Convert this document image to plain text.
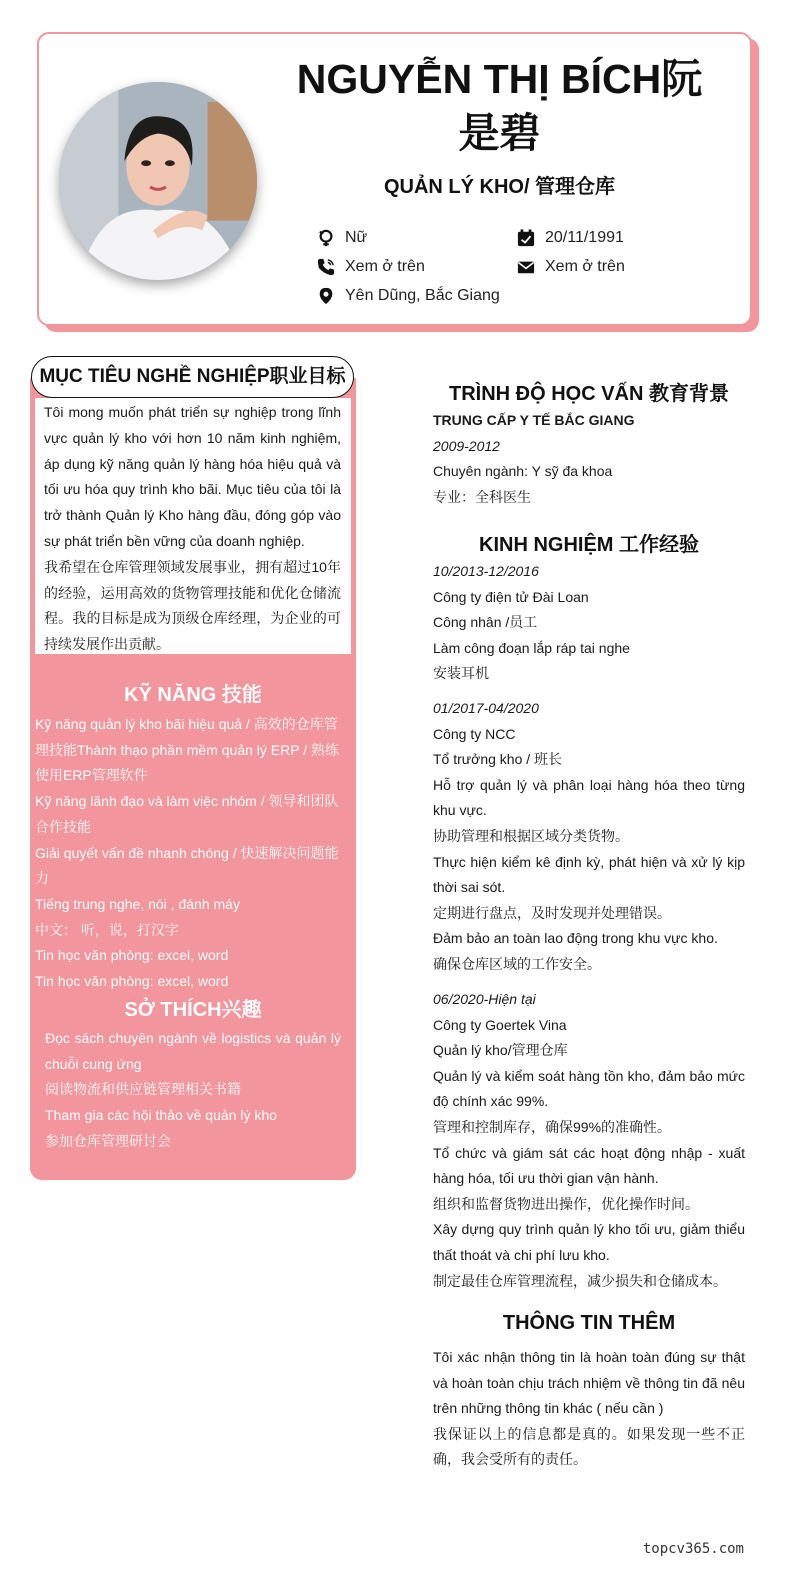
NGUYỄN THỊ BÍCH阮是碧
QUẢN LÝ KHO/ 管理仓库
Nữ	20/11/1991
Xem ở trên	Xem ở trên
Yên Dũng, Bắc Giang
MỤC TIÊU NGHỀ NGHIỆP职业目标

Tôi mong muốn phát triển sự nghiệp trong lĩnh vực quản lý kho với hơn 10 năm kinh nghiệm, áp dụng kỹ năng quản lý hàng hóa hiệu quả và tối ưu hóa quy trình kho bãi. Mục tiêu của tôi là trở thành Quản lý Kho hàng đầu, đóng góp vào sự phát triển bền vững của doanh nghiệp.

我希望在仓库管理领域发展事业，拥有超过10年的经验，运用高效的货物管理技能和优化仓储流程。我的目标是成为顶级仓库经理，为企业的可持续发展作出贡献。

KỸ NĂNG 技能
Kỹ năng quản lý kho bãi hiệu quả / 高效的仓库管理技能Thành thạo phần mềm quản lý ERP / 熟练使用ERP管理软件
Kỹ năng lãnh đạo và làm việc nhóm / 领导和团队合作技能
Giải quyết vấn đề nhanh chóng / 快速解决问题能力
Tiếng trung nghe, nói , đánh máy
中文： 听，说，打汉字
Tin học văn phòng: excel, word
Tin học văn phòng: excel, word
SỞ THÍCH兴趣
Đọc sách chuyên ngành về logistics và quản lý chuỗi cung ứng
阅读物流和供应链管理相关书籍
Tham gia các hội thảo về quản lý kho
参加仓库管理研讨会
TRÌNH ĐỘ HỌC VẤN 教育背景
TRUNG CẤP Y TẾ BẮC GIANG
2009-2012
Chuyên ngành: Y sỹ đa khoa
专业：全科医生
KINH NGHIỆM 工作经验
10/2013-12/2016
Công ty điện tử Đài Loan
Công nhân /员工
Làm công đoạn lắp ráp tai nghe
安装耳机
01/2017-04/2020
Công ty NCC
Tổ trưởng kho / 班长
Hỗ trợ quản lý và phân loại hàng hóa theo từng khu vực.
协助管理和根据区域分类货物。
Thực hiện kiểm kê định kỳ, phát hiện và xử lý kịp thời sai sót.
定期进行盘点，及时发现并处理错误。
Đảm bảo an toàn lao động trong khu vực kho.
确保仓库区域的工作安全。
06/2020-Hiện tại
Công ty Goertek Vina
Quản lý kho/管理仓库
Quản lý và kiểm soát hàng tồn kho, đảm bảo mức độ chính xác 99%.
管理和控制库存，确保99%的准确性。
Tổ chức và giám sát các hoạt động nhập - xuất hàng hóa, tối ưu thời gian vận hành.
组织和监督货物进出操作，优化操作时间。
Xây dựng quy trình quản lý kho tối ưu, giảm thiểu thất thoát và chi phí lưu kho.
制定最佳仓库管理流程，减少损失和仓储成本。
THÔNG TIN THÊM
Tôi xác nhận thông tin là hoàn toàn đúng sự thật và hoàn toàn chịu trách nhiệm về thông tin đã nêu trên những thông tin khác ( nếu cần )
我保证以上的信息都是真的。如果发现一些不正确，我会受所有的责任。
topcv365.com
